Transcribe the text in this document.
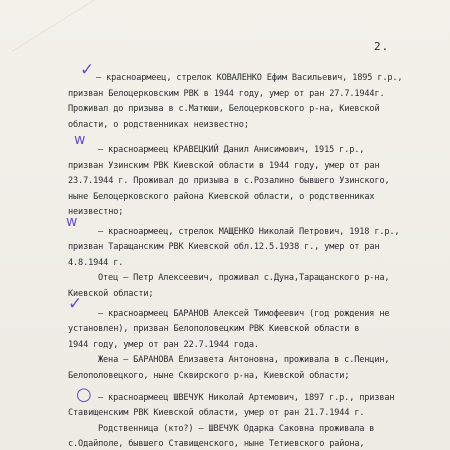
2.
✓ — красноармеец, стрелок КОВАЛЕНКО Ефим Васильевич, 1895 г.р.,
призван Белоцерковским РВК в 1944 году, умер от ран 27.7.1944г.
Проживал до призыва в с.Матюши, Белоцерковского р-на, Киевской
области, о родственниках неизвестно;
w
— красноармеец КРАВЕЦКИЙ Данил Анисимович, 1915 г.р.,
призван Узинским РВК Киевской области в 1944 году, умер от ран
23.7.1944 г. Проживал до призыва в с.Розалино бывшего Узинского,
ныне Белоцерковского района Киевской области, о родственниках
неизвестно;
w
— красноармеец, стрелок МАЩЕНКО Николай Петрович, 1918 г.р.,
призван Таращанским РВК Киевской обл.12.5.1938 г., умер от ран
4.8.1944 г.
Отец – Петр Алексеевич, проживал с.Дуна,Таращанского р-на,
Киевской области;
✓ — красноармеец БАРАНОВ Алексей Тимофеевич (год рождения не
установлен), призван Белополовецким РВК Киевской области в
1944 году, умер от ран 22.7.1944 года.
Жена – БАРАНОВА Елизавета Антоновна, проживала в с.Пенцин,
Белополовецкого, ныне Сквирского р-на, Киевской области;
○ — красноармеец ШВЕЧУК Николай Артемович, 1897 г.р., призван
Ставищенским РВК Киевской области, умер от ран 21.7.1944 г.
Родственница (кто?) – ШВЕЧУК Одарка Саковна проживала в
с.Одайполе, бывшего Ставищенского, ныне Тетиевского района,
